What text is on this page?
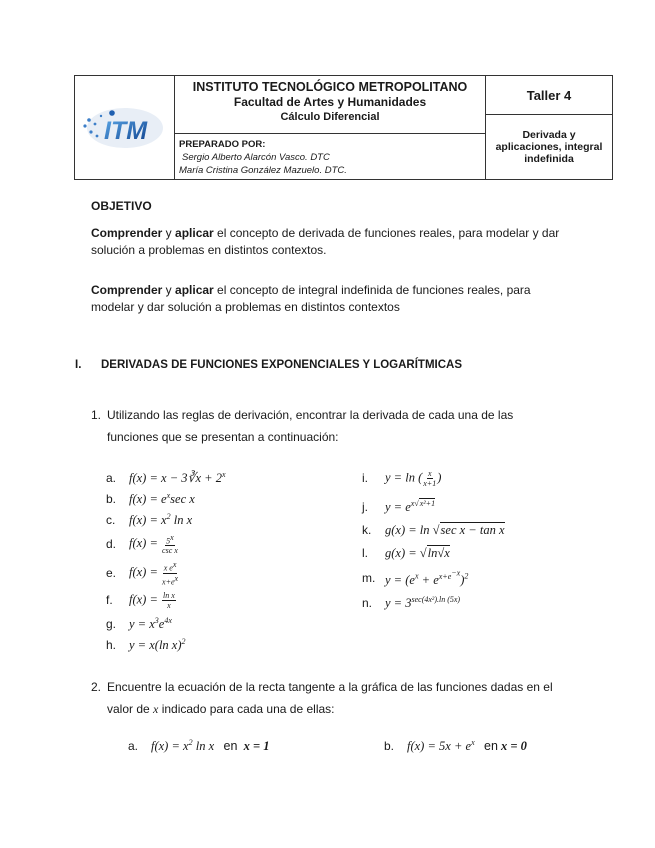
ITM
INSTITUTO TECNOLÓGICO METROPOLITANO
Facultad de Artes y Humanidades
Cálculo Diferencial
PREPARADO POR:
Sergio Alberto Alarcón Vasco. DTC
María Cristina González Mazuelo. DTC.
Taller 4
Derivada y aplicaciones, integral indefinida
OBJETIVO
Comprender y aplicar el concepto de derivada de funciones reales, para modelar y dar solución a problemas en distintos contextos.
Comprender y aplicar el concepto de integral indefinida de funciones reales, para modelar y dar solución a problemas en distintos contextos
I. DERIVADAS DE FUNCIONES EXPONENCIALES Y LOGARÍTMICAS
1. Utilizando las reglas de derivación, encontrar la derivada de cada una de las funciones que se presentan a continuación:
a.	f(x) = x − 3∛x + $2^x$
b.	$f(x) = e^x\sec$ x
c.	$f(x) = x^2$ ln x
d.	$f(x) = \frac{5^x}{\text{csc x}}$
e.	$f(x) = \frac{x e^x}{x+e^x}$
f.	$f(x) = \frac{\text{ln x}}{x}$
g.	$y = x^3e^{4x}$
h.	y = x(ln x)$^2$
i.	y = ln ( $\frac{x}{x+1}$ )
j.	$y = e^{x√x^2+1}$
k.	g(x) = ln √sec x − tan x
l.	g(x) = √ln√x
m. $y = (e^x + e^{x+e^{-x}})^2$
n.	$y = 3^{sec(4x^2).ln (5x)}$
2. Encuentre la ecuación de la recta tangente a la gráfica de las funciones dadas en el valor de x indicado para cada una de ellas:
a.	$f(x) = x^2$ ln x   en x = 1	b.	$f(x) = 5x + e^x$ en x = 0
